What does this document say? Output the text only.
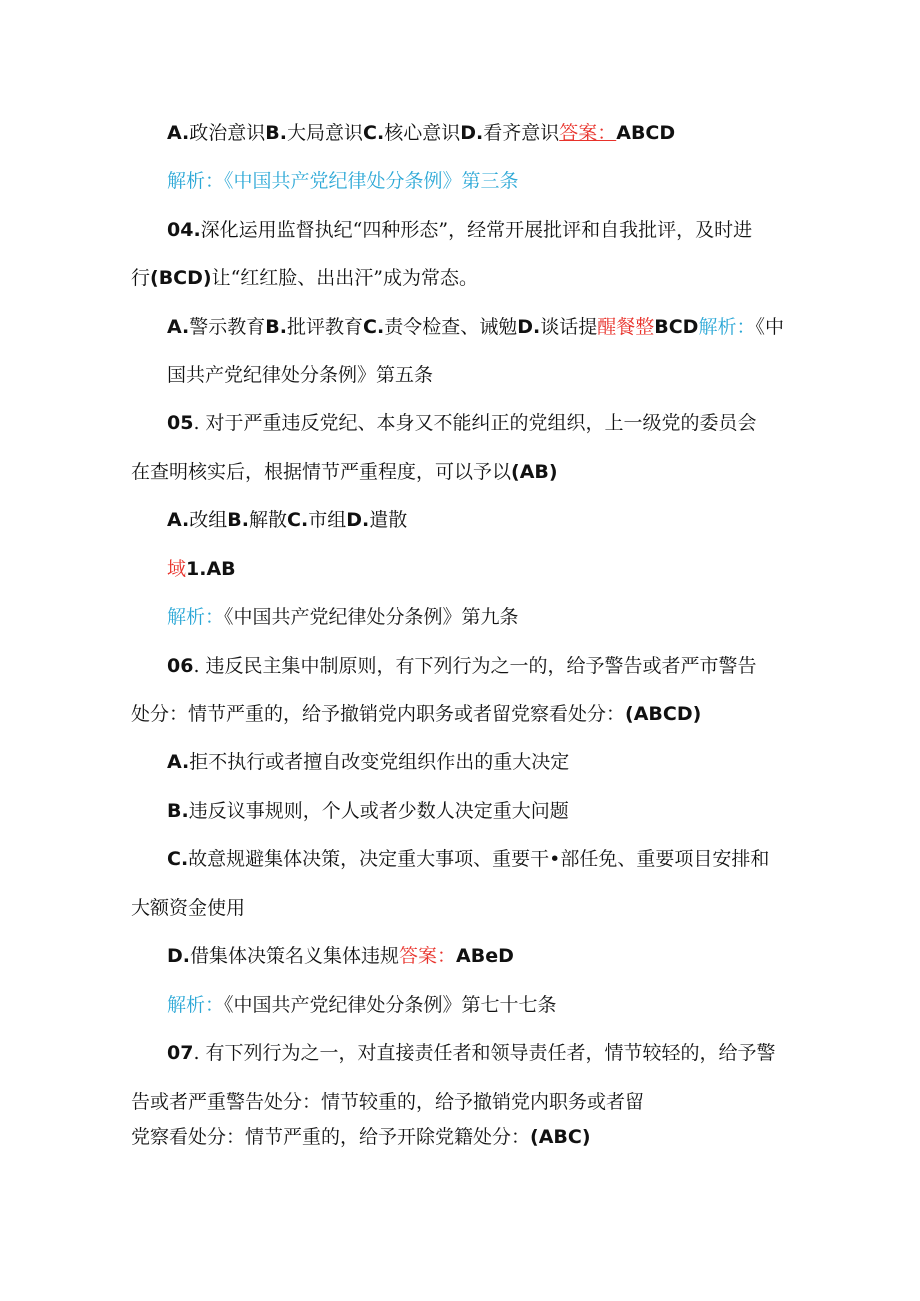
A.政治意识B.大局意识C.核心意识D.看齐意识答案：ABCD

解析：《中国共产党纪律处分条例》第三条

04.深化运用监督执纪“四种形态”，经常开展批评和自我批评，及时进

行(BCD)让“红红脸、出出汗”成为常态。

A.警示教育B.批评教育C.责令检查、诫勉D.谈话提醒餐整BCD解析：《中

国共产党纪律处分条例》第五条

05. 对于严重违反党纪、本身又不能纠正的党组织，上一级党的委员会

在查明核实后，根据情节严重程度，可以予以(AB)

A.改组B.解散C.市组D.遣散

域1.AB

解析：《中国共产党纪律处分条例》第九条

06. 违反民主集中制原则，有下列行为之一的，给予警告或者严市警告

处分：情节严重的，给予撤销党内职务或者留党察看处分：(ABCD)

A.拒不执行或者擅自改变党组织作出的重大决定

B.违反议事规则，个人或者少数人决定重大问题

C.故意规避集体决策，决定重大事项、重要干•部任免、重要项目安排和

大额资金使用

D.借集体决策名义集体违规答案：ABeD

解析：《中国共产党纪律处分条例》第七十七条

07. 有下列行为之一，对直接责任者和领导责任者，情节较轻的，给予警

告或者严重警告处分：情节较重的，给予撤销党内职务或者留

党察看处分：情节严重的，给予开除党籍处分：(ABC)
